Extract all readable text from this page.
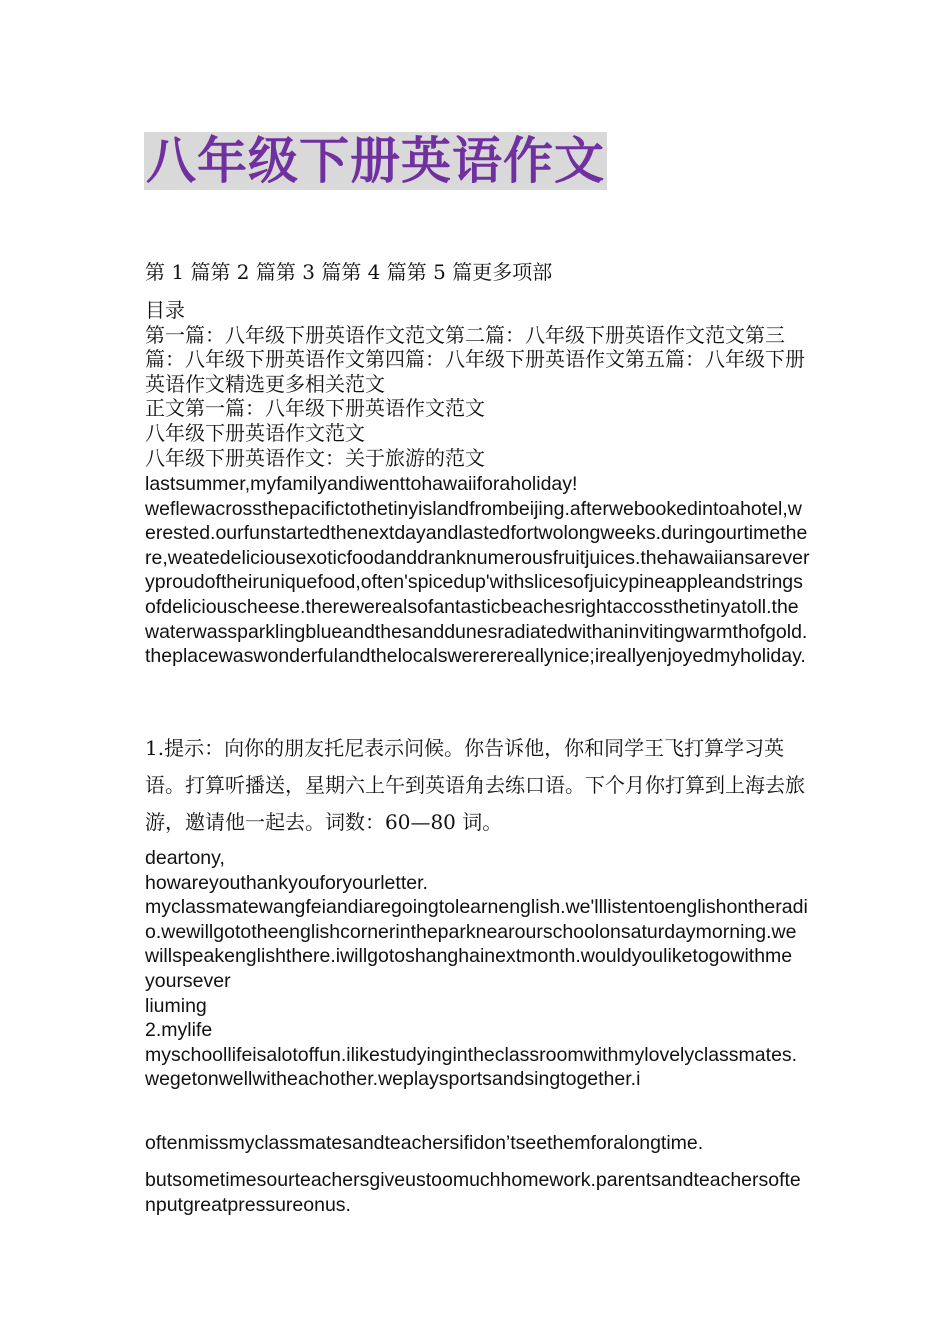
八年级下册英语作文
第 1 篇第 2 篇第 3 篇第 4 篇第 5 篇更多项部
目录
第一篇：八年级下册英语作文范文第二篇：八年级下册英语作文范文第三篇：八年级下册英语作文第四篇：八年级下册英语作文第五篇：八年级下册英语作文精选更多相关范文
正文第一篇：八年级下册英语作文范文
八年级下册英语作文范文
八年级下册英语作文：关于旅游的范文
lastsummer,myfamilyandiwenttohawaiiforaholiday!
weflewacrossthepacifictothetinyislandfrombeijing.afterwebookedintoahotel,werested.ourfunstartedthenextdayandlastedfortwolongweeks.duringourtimethere,weatedeliciousexoticfoodanddranknumerousfruitjuices.thehawaiiansareveryproudoftheiruniquefood,often'spicedup'withslicesofjuicypineappleandstringsofdeliciouscheese.therewerealsofantasticbeachesrightaccossthetinyatoll.thewaterwassparklingblueandthesanddunesradiatedwithaninvitingwarmthofgold.theplacewaswonderfulandthelocalswererereallynice;ireallyenjoyedmyholiday.
1.提示：向你的朋友托尼表示问候。你告诉他，你和同学王飞打算学习英语。打算听播送，星期六上午到英语角去练口语。下个月你打算到上海去旅游，邀请他一起去。词数：60—80 词。
deartony,
howareyouthankyouforyourletter.
myclassmatewangfeiandiaregoingtolearnenglish.we'lllistentoenglishontheradio.wewillgototheenglishcornerintheparknearourschoolonsaturdaymorning.wewillspeakenglishthere.iwillgotoshanghainextmonth.wouldyouliketogowithme
yoursever
liuming
2.mylife
myschoollifeisalotoffun.ilikestudyingintheclassroomwithmylovelyclassmates.wegetonwellwitheachother.weplaysportsandsingtogether.i
oftenmissmyclassmatesandteachersifidon’tseethemforalongtime.
butsometimesourteachersgiveustoomuchhomework.parentsandteachersoftenputgreatpressureonus.
